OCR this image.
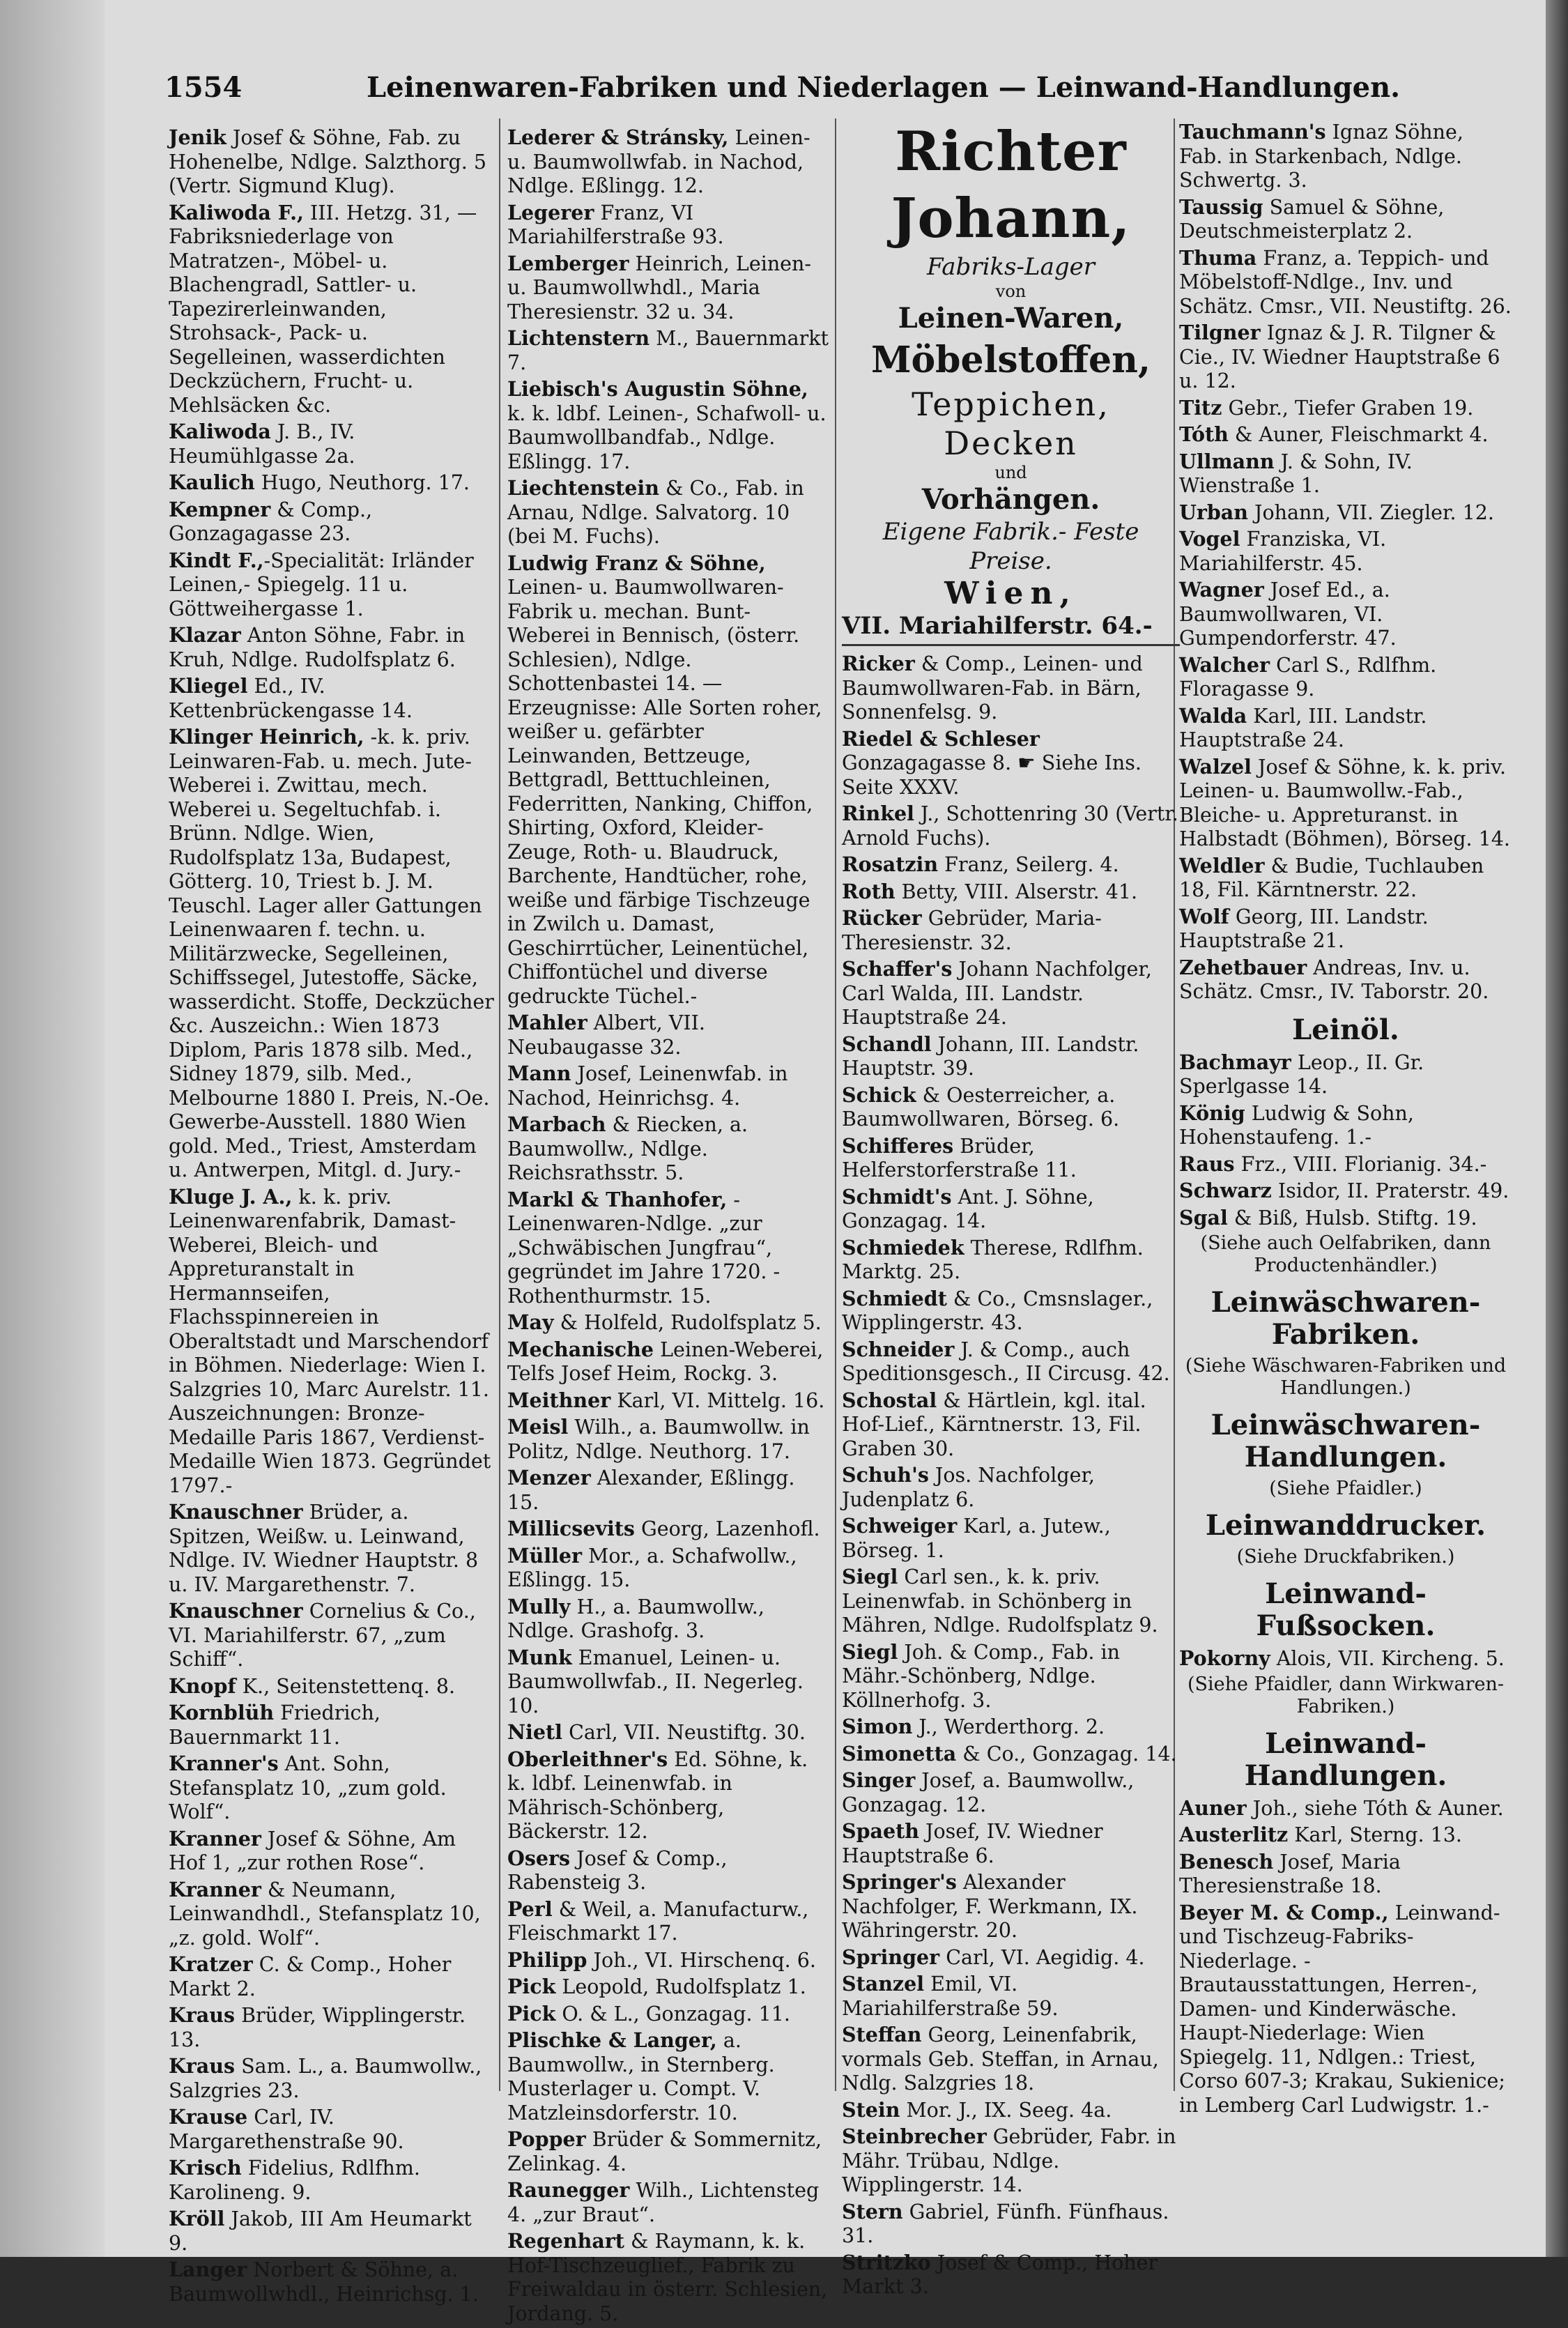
1554	Leinenwaren-Fabriken und Niederlagen — Leinwand-Handlungen.

Jenik Josef & Söhne, Fab. zu Hohenelbe, Ndlge. Salzthorg. 5 (Vertr. Sigmund Klug).

Kaliwoda F., III. Hetzg. 31, —Fabriksniederlage von Matratzen-, Möbel- u. Blachengradl, Sattler- u. Tapezirerleinwanden, Strohsack-, Pack- u. Segelleinen, wasserdichten Deckzüchern, Frucht- u. Mehlsäcken &c.

Kaliwoda J. B., IV. Heumühlgasse 2a.

Kaulich Hugo, Neuthorg. 17.

Kempner & Comp., Gonzagagasse 23.

Kindt F.,-Specialität: Irländer Leinen,- Spiegelg. 11 u. Göttweihergasse 1.

Klazar Anton Söhne, Fabr. in Kruh, Ndlge. Rudolfsplatz 6.

Kliegel Ed., IV. Kettenbrückengasse 14.

Klinger Heinrich, -k. k. priv. Leinwaren-Fab. u. mech. Jute-Weberei i. Zwittau, mech. Weberei u. Segeltuchfab. i. Brünn. Ndlge. Wien, Rudolfsplatz 13a, Budapest, Götterg. 10, Triest b. J. M. Teuschl. Lager aller Gattungen Leinenwaaren f. techn. u. Militärzwecke, Segelleinen, Schiffssegel, Jutestoffe, Säcke, wasserdicht. Stoffe, Deckzücher &c. Auszeichn.: Wien 1873 Diplom, Paris 1878 silb. Med., Sidney 1879, silb. Med., Melbourne 1880 I. Preis, N.-Oe. Gewerbe-Ausstell. 1880 Wien gold. Med., Triest, Amsterdam u. Antwerpen, Mitgl. d. Jury.-

Kluge J. A., k. k. priv. Leinenwarenfabrik, Damast-Weberei, Bleich- und Appreturanstalt in Hermannseifen, Flachsspinnereien in Oberaltstadt und Marschendorf in Böhmen. Niederlage: Wien I. Salzgries 10, Marc Aurelstr. 11. Auszeichnungen: Bronze-Medaille Paris 1867, Verdienst-Medaille Wien 1873. Gegründet 1797.-

Knauschner Brüder, a. Spitzen, Weißw. u. Leinwand, Ndlge. IV. Wiedner Hauptstr. 8 u. IV. Margarethenstr. 7.

Knauschner Cornelius & Co., VI. Mariahilferstr. 67, „zum Schiff“.

Knopf K., Seitenstettenq. 8.

Kornblüh Friedrich, Bauernmarkt 11.

Kranner's Ant. Sohn, Stefansplatz 10, „zum gold. Wolf“.

Kranner Josef & Söhne, Am Hof 1, „zur rothen Rose“.

Kranner & Neumann, Leinwandhdl., Stefansplatz 10, „z. gold. Wolf“.

Kratzer C. & Comp., Hoher Markt 2.

Kraus Brüder, Wipplingerstr. 13.

Kraus Sam. L., a. Baumwollw., Salzgries 23.

Krause Carl, IV. Margarethenstraße 90.

Krisch Fidelius, Rdlfhm. Karolineng. 9.

Kröll Jakob, III Am Heumarkt 9.

Langer Norbert & Söhne, a. Baumwollwhdl., Heinrichsg. 1.

Lederer & Stránsky, Leinen- u. Baumwollwfab. in Nachod, Ndlge. Eßlingg. 12.

Legerer Franz, VI Mariahilferstraße 93.

Lemberger Heinrich, Leinen- u. Baumwollwhdl., Maria Theresienstr. 32 u. 34.

Lichtenstern M., Bauernmarkt 7.

Liebisch's Augustin Söhne, k. k. ldbf. Leinen-, Schafwoll- u. Baumwollbandfab., Ndlge. Eßlingg. 17.

Liechtenstein & Co., Fab. in Arnau, Ndlge. Salvatorg. 10 (bei M. Fuchs).

Ludwig Franz & Söhne, Leinen- u. Baumwollwaren-Fabrik u. mechan. Bunt-Weberei in Bennisch, (österr. Schlesien), Ndlge. Schottenbastei 14. —Erzeugnisse: Alle Sorten roher, weißer u. gefärbter Leinwanden, Bettzeuge, Bettgradl, Betttuchleinen, Federritten, Nanking, Chiffon, Shirting, Oxford, Kleider-Zeuge, Roth- u. Blaudruck, Barchente, Handtücher, rohe, weiße und färbige Tischzeuge in Zwilch u. Damast, Geschirrtücher, Leinentüchel, Chiffontüchel und diverse gedruckte Tüchel.-

Mahler Albert, VII. Neubaugasse 32.

Mann Josef, Leinenwfab. in Nachod, Heinrichsg. 4.

Marbach & Riecken, a. Baumwollw., Ndlge. Reichsrathsstr. 5.

Markl & Thanhofer, -Leinenwaren-Ndlge. „zur „Schwäbischen Jungfrau“, gegründet im Jahre 1720. - Rothenthurmstr. 15.

May & Holfeld, Rudolfsplatz 5.

Mechanische Leinen-Weberei, Telfs Josef Heim, Rockg. 3.

Meithner Karl, VI. Mittelg. 16.

Meisl Wilh., a. Baumwollw. in Politz, Ndlge. Neuthorg. 17.

Menzer Alexander, Eßlingg. 15.

Millicsevits Georg, Lazenhofl.

Müller Mor., a. Schafwollw., Eßlingg. 15.

Mully H., a. Baumwollw., Ndlge. Grashofg. 3.

Munk Emanuel, Leinen- u. Baumwollwfab., II. Negerleg. 10.

Nietl Carl, VII. Neustiftg. 30.

Oberleithner's Ed. Söhne, k. k. ldbf. Leinenwfab. in Mährisch-Schönberg, Bäckerstr. 12.

Osers Josef & Comp., Rabensteig 3.

Perl & Weil, a. Manufacturw., Fleischmarkt 17.

Philipp Joh., VI. Hirschenq. 6.

Pick Leopold, Rudolfsplatz 1.

Pick O. & L., Gonzagag. 11.

Plischke & Langer, a. Baumwollw., in Sternberg. Musterlager u. Compt. V. Matzleinsdorferstr. 10.

Popper Brüder & Sommernitz, Zelinkag. 4.

Raunegger Wilh., Lichtensteg 4. „zur Braut“.

Regenhart & Raymann, k. k. Hof-Tischzeuglief., Fabrik zu Freiwaldau in österr. Schlesien, Jordang. 5.

Richter Johann,
Fabriks-Lager
von
Leinen-Waren,
Möbelstoffen,
Teppichen, Decken
und
Vorhängen.
Eigene Fabrik.- Feste Preise.
Wien,
VII. Mariahilferstr. 64.-

Ricker & Comp., Leinen- und Baumwollwaren-Fab. in Bärn, Sonnenfelsg. 9.

Riedel & Schleser Gonzagagasse 8. ☛ Siehe Ins. Seite XXXV.

Rinkel J., Schottenring 30 (Vertr. Arnold Fuchs).

Rosatzin Franz, Seilerg. 4.

Roth Betty, VIII. Alserstr. 41.

Rücker Gebrüder, Maria-Theresienstr. 32.

Schaffer's Johann Nachfolger, Carl Walda, III. Landstr. Hauptstraße 24.

Schandl Johann, III. Landstr. Hauptstr. 39.

Schick & Oesterreicher, a. Baumwollwaren, Börseg. 6.

Schifferes Brüder, Helferstorferstraße 11.

Schmidt's Ant. J. Söhne, Gonzagag. 14.

Schmiedek Therese, Rdlfhm. Marktg. 25.

Schmiedt & Co., Cmsnslager., Wipplingerstr. 43.

Schneider J. & Comp., auch Speditionsgesch., II Circusg. 42.

Schostal & Härtlein, kgl. ital. Hof-Lief., Kärntnerstr. 13, Fil. Graben 30.

Schuh's Jos. Nachfolger, Judenplatz 6.

Schweiger Karl, a. Jutew., Börseg. 1.

Siegl Carl sen., k. k. priv. Leinenwfab. in Schönberg in Mähren, Ndlge. Rudolfsplatz 9.

Siegl Joh. & Comp., Fab. in Mähr.-Schönberg, Ndlge. Köllnerhofg. 3.

Simon J., Werderthorg. 2.

Simonetta & Co., Gonzagag. 14.

Singer Josef, a. Baumwollw., Gonzagag. 12.

Spaeth Josef, IV. Wiedner Hauptstraße 6.

Springer's Alexander Nachfolger, F. Werkmann, IX. Währingerstr. 20.

Springer Carl, VI. Aegidig. 4.

Stanzel Emil, VI. Mariahilferstraße 59.

Steffan Georg, Leinenfabrik, vormals Geb. Steffan, in Arnau, Ndlg. Salzgries 18.

Stein Mor. J., IX. Seeg. 4a.

Steinbrecher Gebrüder, Fabr. in Mähr. Trübau, Ndlge. Wipplingerstr. 14.

Stern Gabriel, Fünfh. Fünfhaus. 31.

Stritzko Josef & Comp., Hoher Markt 3.

Tauchmann's Ignaz Söhne, Fab. in Starkenbach, Ndlge. Schwertg. 3.

Taussig Samuel & Söhne, Deutschmeisterplatz 2.

Thuma Franz, a. Teppich- und Möbelstoff-Ndlge., Inv. und Schätz. Cmsr., VII. Neustiftg. 26.

Tilgner Ignaz & J. R. Tilgner & Cie., IV. Wiedner Hauptstraße 6 u. 12.

Titz Gebr., Tiefer Graben 19.

Tóth & Auner, Fleischmarkt 4.

Ullmann J. & Sohn, IV. Wienstraße 1.

Urban Johann, VII. Ziegler. 12.

Vogel Franziska, VI. Mariahilferstr. 45.

Wagner Josef Ed., a. Baumwollwaren, VI. Gumpendorferstr. 47.

Walcher Carl S., Rdlfhm. Floragasse 9.

Walda Karl, III. Landstr. Hauptstraße 24.

Walzel Josef & Söhne, k. k. priv. Leinen- u. Baumwollw.-Fab., Bleiche- u. Appreturanst. in Halbstadt (Böhmen), Börseg. 14.

Weldler & Budie, Tuchlauben 18, Fil. Kärntnerstr. 22.

Wolf Georg, III. Landstr. Hauptstraße 21.

Zehetbauer Andreas, Inv. u. Schätz. Cmsr., IV. Taborstr. 20.

Leinöl.

Bachmayr Leop., II. Gr. Sperlgasse 14.

König Ludwig & Sohn, Hohenstaufeng. 1.-

Raus Frz., VIII. Florianig. 34.-

Schwarz Isidor, II. Praterstr. 49.

Sgal & Biß, Hulsb. Stiftg. 19.

(Siehe auch Oelfabriken, dann Productenhändler.)
Leinwäschwaren-Fabriken.
(Siehe Wäschwaren-Fabriken und Handlungen.)
Leinwäschwaren-Handlungen.
(Siehe Pfaidler.)
Leinwanddrucker.
(Siehe Druckfabriken.)
Leinwand-Fußsocken.

Pokorny Alois, VII. Kircheng. 5.

(Siehe Pfaidler, dann Wirkwaren-Fabriken.)
Leinwand-Handlungen.

Auner Joh., siehe Tóth & Auner.

Austerlitz Karl, Sterng. 13.

Benesch Josef, Maria Theresienstraße 18.

Beyer M. & Comp., Leinwand- und Tischzeug-Fabriks-Niederlage. -Brautausstattungen, Herren-, Damen- und Kinderwäsche. Haupt-Niederlage: Wien Spiegelg. 11, Ndlgen.: Triest, Corso 607-3; Krakau, Sukienice; in Lemberg Carl Ludwigstr. 1.-
